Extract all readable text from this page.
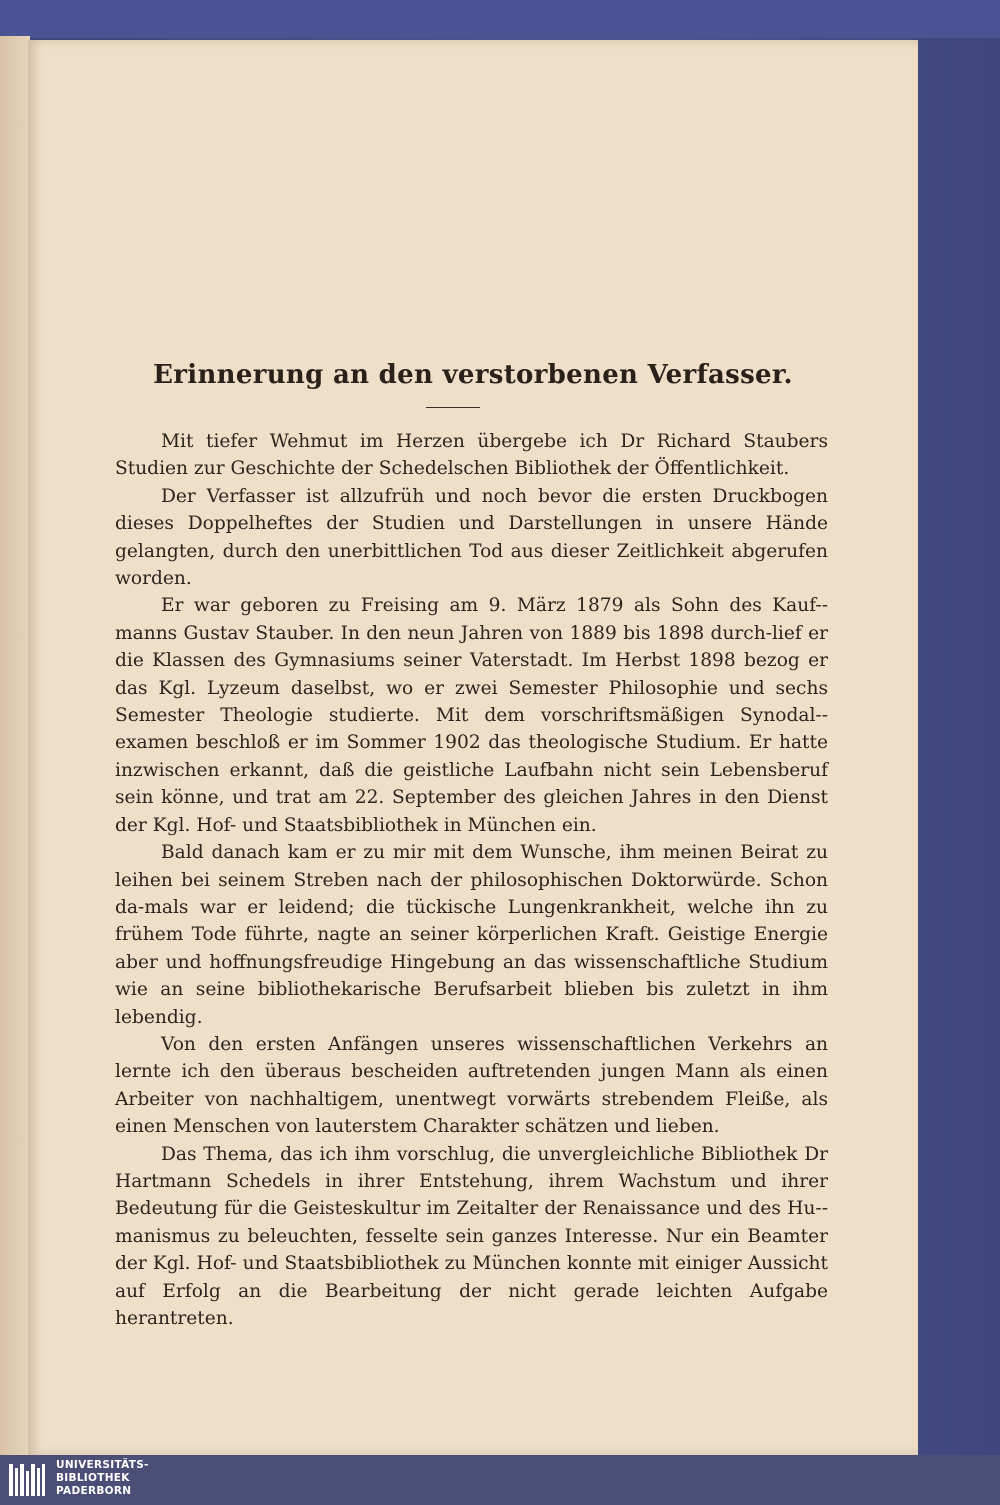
Erinnerung an den verstorbenen Verfasser.

Mit tiefer Wehmut im Herzen übergebe ich Dr Richard Staubers Studien zur Geschichte der Schedelschen Bibliothek der Öffentlichkeit.

Der Verfasser ist allzufrüh und noch bevor die ersten Druckbogen dieses Doppelheftes der Studien und Darstellungen in unsere Hände gelangten, durch den unerbittlichen Tod aus dieser Zeitlichkeit abgerufen worden.

Er war geboren zu Freising am 9. März 1879 als Sohn des Kauf-manns Gustav Stauber. In den neun Jahren von 1889 bis 1898 durch-lief er die Klassen des Gymnasiums seiner Vaterstadt. Im Herbst 1898 bezog er das Kgl. Lyzeum daselbst, wo er zwei Semester Philosophie und sechs Semester Theologie studierte. Mit dem vorschriftsmäßigen Synodal-examen beschloß er im Sommer 1902 das theologische Studium. Er hatte inzwischen erkannt, daß die geistliche Laufbahn nicht sein Lebensberuf sein könne, und trat am 22. September des gleichen Jahres in den Dienst der Kgl. Hof- und Staatsbibliothek in München ein.

Bald danach kam er zu mir mit dem Wunsche, ihm meinen Beirat zu leihen bei seinem Streben nach der philosophischen Doktorwürde. Schon da-mals war er leidend; die tückische Lungenkrankheit, welche ihn zu frühem Tode führte, nagte an seiner körperlichen Kraft. Geistige Energie aber und hoffnungsfreudige Hingebung an das wissenschaftliche Studium wie an seine bibliothekarische Berufsarbeit blieben bis zuletzt in ihm lebendig.

Von den ersten Anfängen unseres wissenschaftlichen Verkehrs an lernte ich den überaus bescheiden auftretenden jungen Mann als einen Arbeiter von nachhaltigem, unentwegt vorwärts strebendem Fleiße, als einen Menschen von lauterstem Charakter schätzen und lieben.

Das Thema, das ich ihm vorschlug, die unvergleichliche Bibliothek Dr Hartmann Schedels in ihrer Entstehung, ihrem Wachstum und ihrer Bedeutung für die Geisteskultur im Zeitalter der Renaissance und des Hu-manismus zu beleuchten, fesselte sein ganzes Interesse. Nur ein Beamter der Kgl. Hof- und Staatsbibliothek zu München konnte mit einiger Aussicht auf Erfolg an die Bearbeitung der nicht gerade leichten Aufgabe herantreten.

UNIVERSITÄTS-
BIBLIOTHEK
PADERBORN
